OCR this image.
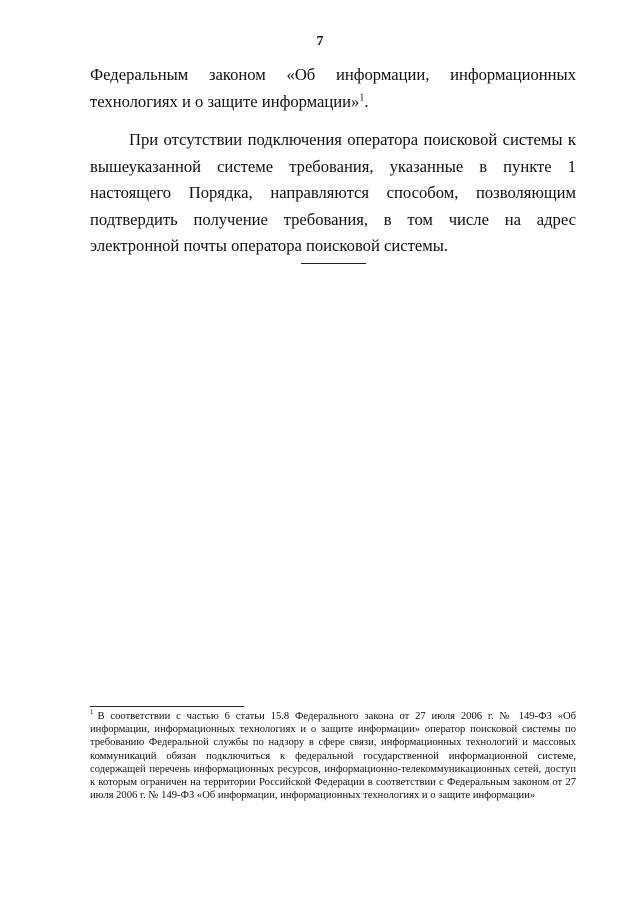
7

Федеральным законом «Об информации, информационных технологиях и о защите информации»$^1$.

При отсутствии подключения оператора поисковой системы к вышеуказанной системе требования, указанные в пункте 1 настоящего Порядка, направляются способом, позволяющим подтвердить получение требования, в том числе на адрес электронной почты оператора поисковой системы.

$^1$ В соответствии с частью 6 статьи 15.8 Федерального закона от 27 июля 2006 г. № 149-ФЗ «Об информации, информационных технологиях и о защите информации» оператор поисковой системы по требованию Федеральной службы по надзору в сфере связи, информационных технологий и массовых коммуникаций обязан подключиться к федеральной государственной информационной системе, содержащей перечень информационных ресурсов, информационно-телекоммуникационных сетей, доступ к которым ограничен на территории Российской Федерации в соответствии с Федеральным законом от 27 июля 2006 г. № 149-ФЗ «Об информации, информационных технологиях и о защите информации»
